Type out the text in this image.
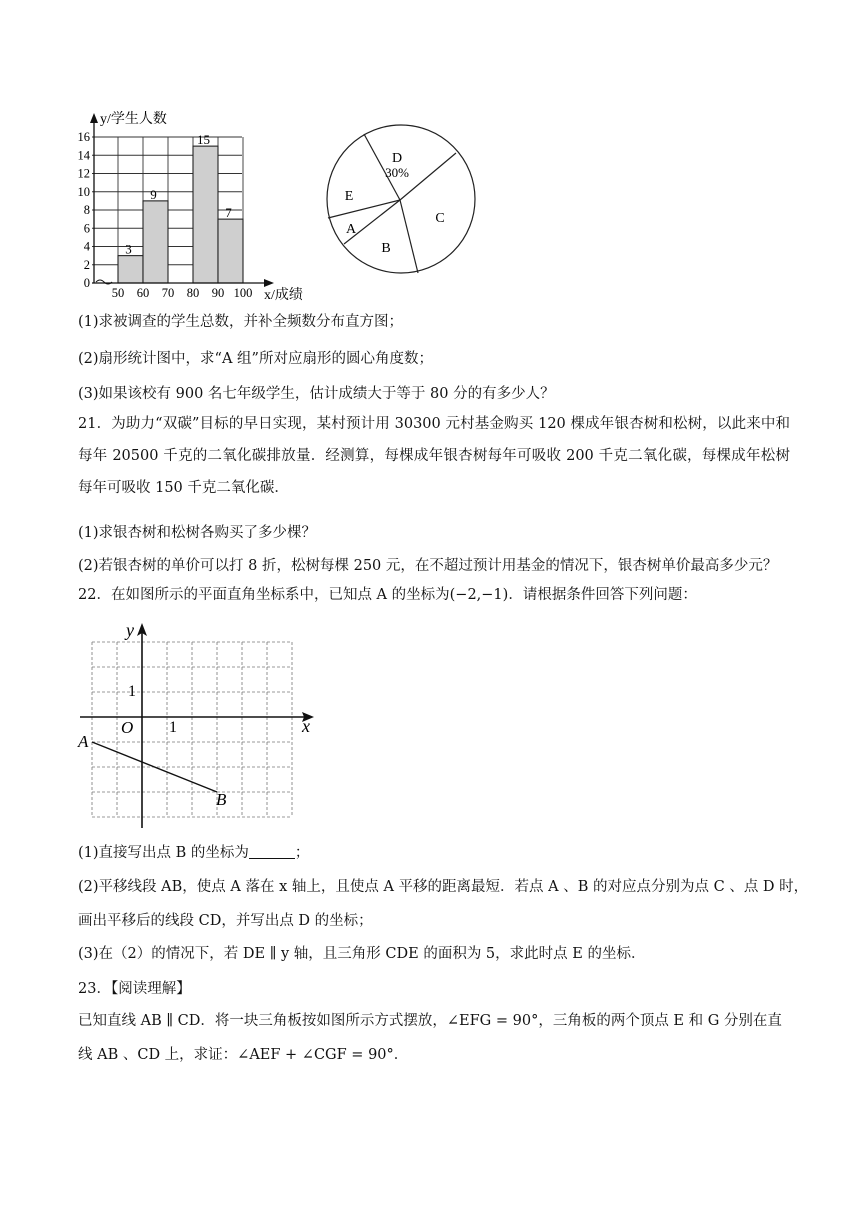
0
2
4
6
8
10
12
14
16
50 60 70 80 90 100
3
9
15
7
y/学生人数
x/成绩
D
30%
C
B
A
E
(1)求被调查的学生总数，并补全频数分布直方图；
(2)扇形统计图中，求“A 组”所对应扇形的圆心角度数；
(3)如果该校有 900 名七年级学生，估计成绩大于等于 80 分的有多少人？
21．为助力“双碳”目标的早日实现，某村预计用 30300 元村基金购买 120 棵成年银杏树和松树，以此来中和每年 20500 千克的二氧化碳排放量．经测算，每棵成年银杏树每年可吸收 200 千克二氧化碳，每棵成年松树每年可吸收 150 千克二氧化碳．
(1)求银杏树和松树各购买了多少棵？
(2)若银杏树的单价可以打 8 折，松树每棵 250 元，在不超过预计用基金的情况下，银杏树单价最高多少元？
22．在如图所示的平面直角坐标系中，已知点 A 的坐标为(−2,−1)．请根据条件回答下列问题：
y
x
O 1
1
A
B
(1)直接写出点 B 的坐标为	；
(2)平移线段 AB，使点 A 落在 x 轴上，且使点 A 平移的距离最短．若点 A 、B 的对应点分别为点 C 、点 D 时，
画出平移后的线段 CD，并写出点 D 的坐标；
(3)在（2）的情况下，若 DE ∥ y 轴，且三角形 CDE 的面积为 5，求此时点 E 的坐标．
23．【阅读理解】
已知直线 AB ∥ CD．将一块三角板按如图所示方式摆放，∠EFG = 90°，三角板的两个顶点 E 和 G 分别在直
线 AB 、CD 上，求证：∠AEF + ∠CGF = 90°．
